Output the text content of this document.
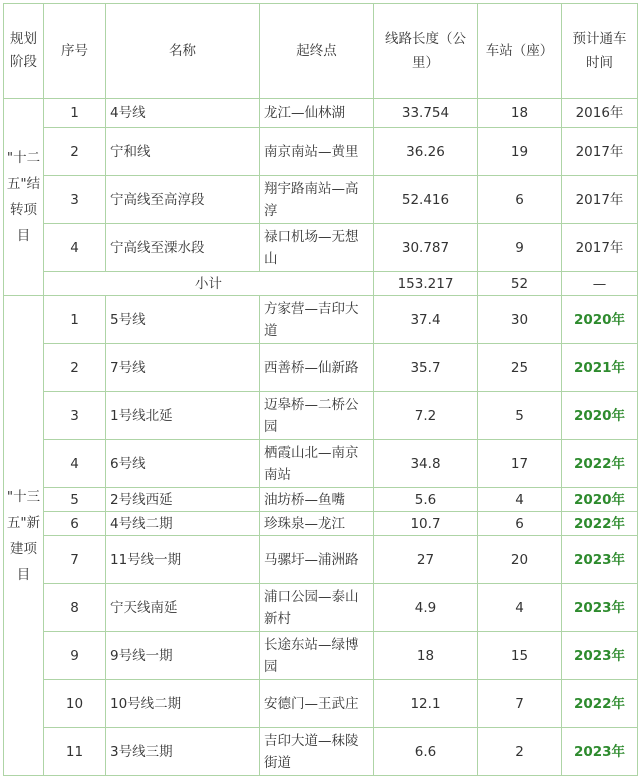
规划阶段	序号	名称	起终点	线路长度（公里）	车站（座）	预计通车时间
"十二五"结转项目	1	4号线	龙江—仙林湖	33.754	18	2016年
	2	宁和线	南京南站—黄里	36.26	19	2017年
	3	宁高线至高淳段	翔宇路南站—高淳	52.416	6	2017年
	4	宁高线至溧水段	禄口机场—无想山	30.787	9	2017年
	小计			153.217	52	—
"十三五"新建项目	1	5号线	方家营—吉印大道	37.4	30	2020年
	2	7号线	西善桥—仙新路	35.7	25	2021年
	3	1号线北延	迈皋桥—二桥公园	7.2	5	2020年
	4	6号线	栖霞山北—南京南站	34.8	17	2022年
	5	2号线西延	油坊桥—鱼嘴	5.6	4	2020年
	6	4号线二期	珍珠泉—龙江	10.7	6	2022年
	7	11号线一期	马骡圩—浦洲路	27	20	2023年
	8	宁天线南延	浦口公园—泰山新村	4.9	4	2023年
	9	9号线一期	长途东站—绿博园	18	15	2023年
	10	10号线二期	安德门—王武庄	12.1	7	2022年
	11	3号线三期	吉印大道—秣陵街道	6.6	2	2023年
